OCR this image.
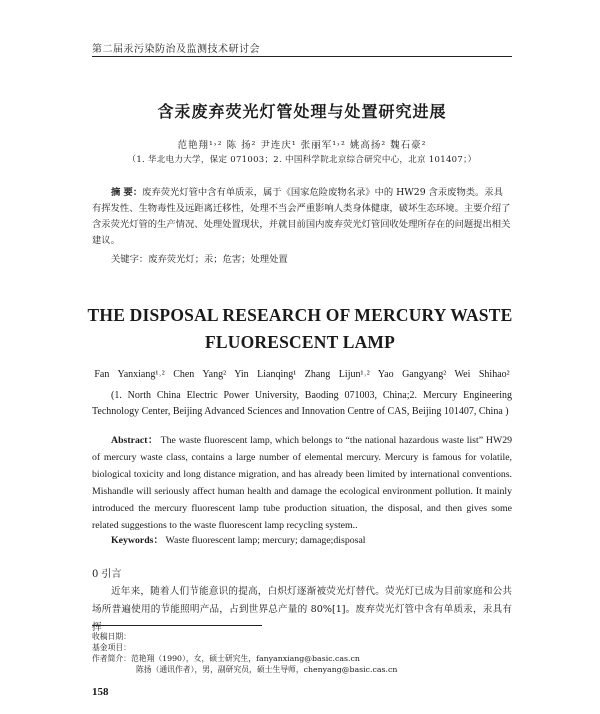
第二届汞污染防治及监测技术研讨会
含汞废弃荧光灯管处理与处置研究进展
范艳翔¹˒² 陈 扬² 尹连庆¹ 张丽军¹˒² 姚高扬² 魏石豪²
（1. 华北电力大学，保定 071003；2. 中国科学院北京综合研究中心，北京 101407；）

摘 要：废弃荧光灯管中含有单质汞，属于《国家危险废物名录》中的 HW29 含汞废物类。汞具有挥发性、生物毒性及远距离迁移性，处理不当会严重影响人类身体健康，破坏生态环境。主要介绍了含汞荧光灯管的生产情况、处理处置现状，并就目前国内废弃荧光灯管回收处理所存在的问题提出相关建议。

关键字：废弃荧光灯；汞；危害；处理处置

THE DISPOSAL RESEARCH OF MERCURY WASTE
FLUORESCENT LAMP
Fan Yanxiang¹˒² Chen Yang² Yin Lianqing¹ Zhang Lijun¹˒² Yao Gangyang² Wei Shihao²

(1. North China Electric Power University, Baoding 071003, China;2. Mercury Engineering Technology Center, Beijing Advanced Sciences and Innovation Centre of CAS, Beijing 101407, China )

Abstract： The waste fluorescent lamp, which belongs to “the national hazardous waste list” HW29 of mercury waste class, contains a large number of elemental mercury. Mercury is famous for volatile, biological toxicity and long distance migration, and has already been limited by international conventions. Mishandle will seriously affect human health and damage the ecological environment pollution. It mainly introduced the mercury fluorescent lamp tube production situation, the disposal, and then gives some related suggestions to the waste fluorescent lamp recycling system..

Keywords： Waste fluorescent lamp; mercury; damage;disposal

0 引言

近年来，随着人们节能意识的提高，白炽灯逐渐被荧光灯替代。荧光灯已成为目前家庭和公共场所普遍使用的节能照明产品，占到世界总产量的 80%[1]。废弃荧光灯管中含有单质汞，汞具有挥

收稿日期：
基金项目：
作者简介：范艳翔（1990），女，硕士研究生，fanyanxiang@basic.cas.cn
陈扬（通讯作者），男，副研究员，硕士生导师，chenyang@basic.cas.cn
158
